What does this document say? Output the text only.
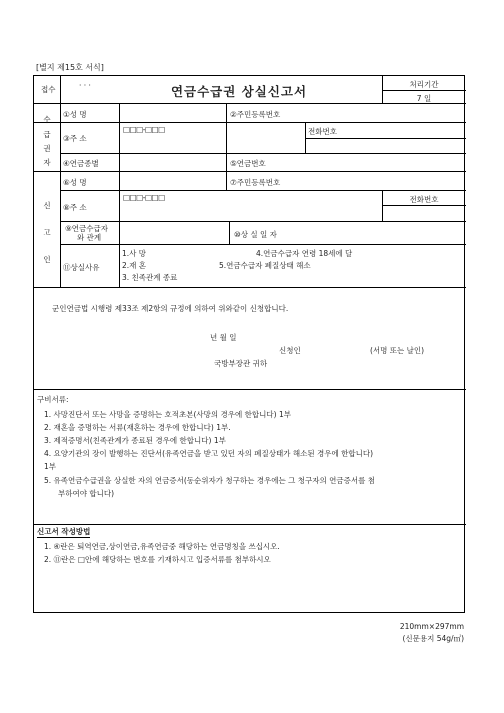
[별지 제15호 서식]
접수	· · ·	연금수급권 상실신고서	처리기간
7 일
수
급
권
자
①성 명	②주민등록번호
③주 소
□□□-□□□	전화번호
④연금종별	⑤연금번호
신
고
인
⑥성 명	⑦주민등록번호
⑧주 소
□□□-□□□	전화번호
⑨연금수급자
와 관계	⑩상 실 일 자
⑪상실사유
1.사 망	4.연금수급자 연령 18세에 달
2.재 혼	5.연금수급자 폐질상태 해소
3. 친족관계 종료
군인연금법 시행령 제33조 제2항의 규정에 의하여 위와같이 신청합니다.
년 월 일
신청인	(서명 또는 날인)
국방부장관 귀하
구비서류:
1. 사망진단서 또는 사망을 증명하는 호적초본(사망의 경우에 한합니다) 1부
2. 재혼을 증명하는 서류(재혼하는 경우에 한합니다) 1부.
3. 제적증명서(친족관계가 종료된 경우에 한합니다) 1부
4. 요양기관의 장이 발행하는 진단서(유족연금을 받고 있던 자의 폐질상태가 해소된 경우에 한합니다)
1부
5. 유족연금수급권을 상실한 자의 연금증서(동순위자가 청구하는 경우에는 그 청구자의 연금증서를 첨
부하여야 합니다)
신고서 작성방법
1. ④란은 퇴역연금,상이연금,유족연금중 해당하는 연금명칭을 쓰십시오.
2. ⑪란은 □안에 해당하는 번호를 기재하시고 입증서류를 첨부하시오
210mm×297mm
(신문용지 54g/㎡)
